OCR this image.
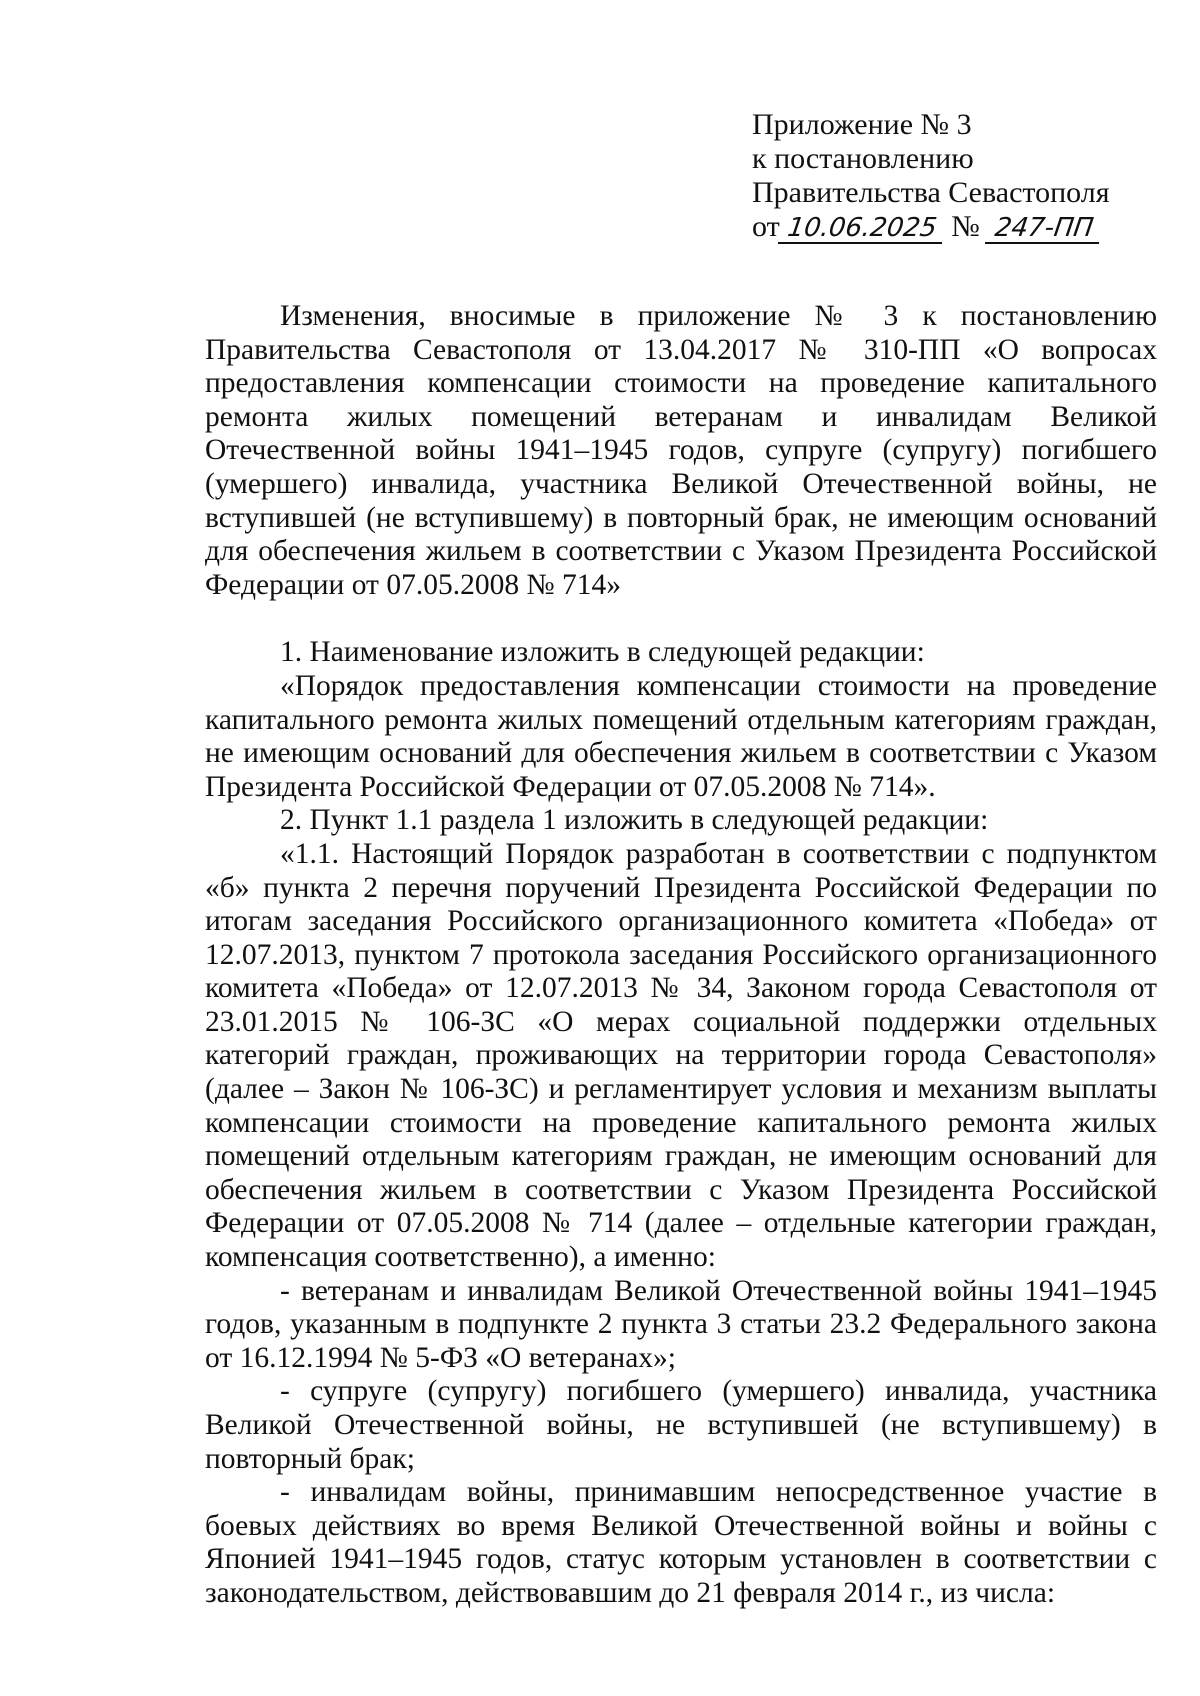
Приложение № 3
к постановлению
Правительства Севастополя
от 10.06.2025 № 247-ПП

Изменения, вносимые в приложение № 3 к постановлению Правительства Севастополя от 13.04.2017 № 310-ПП «О вопросах предоставления компенсации стоимости на проведение капитального ремонта жилых помещений ветеранам и инвалидам Великой Отечественной войны 1941–1945 годов, супруге (супругу) погибшего (умершего) инвалида, участника Великой Отечественной войны, не вступившей (не вступившему) в повторный брак, не имеющим оснований для обеспечения жильем в соответствии с Указом Президента Российской Федерации от 07.05.2008 № 714»

1. Наименование изложить в следующей редакции:

«Порядок предоставления компенсации стоимости на проведение капитального ремонта жилых помещений отдельным категориям граждан, не имеющим оснований для обеспечения жильем в соответствии с Указом Президента Российской Федерации от 07.05.2008 № 714».

2. Пункт 1.1 раздела 1 изложить в следующей редакции:

«1.1. Настоящий Порядок разработан в соответствии с подпунктом «б» пункта 2 перечня поручений Президента Российской Федерации по итогам заседания Российского организационного комитета «Победа» от 12.07.2013, пунктом 7 протокола заседания Российского организационного комитета «Победа» от 12.07.2013 № 34, Законом города Севастополя от 23.01.2015 № 106-ЗС «О мерах социальной поддержки отдельных категорий граждан, проживающих на территории города Севастополя» (далее – Закон № 106-ЗС) и регламентирует условия и механизм выплаты компенсации стоимости на проведение капитального ремонта жилых помещений отдельным категориям граждан, не имеющим оснований для обеспечения жильем в соответствии с Указом Президента Российской Федерации от 07.05.2008 № 714 (далее – отдельные категории граждан, компенсация соответственно), а именно:

- ветеранам и инвалидам Великой Отечественной войны 1941–1945 годов, указанным в подпункте 2 пункта 3 статьи 23.2 Федерального закона от 16.12.1994 № 5-ФЗ «О ветеранах»;

- супруге (супругу) погибшего (умершего) инвалида, участника Великой Отечественной войны, не вступившей (не вступившему) в повторный брак;

- инвалидам войны, принимавшим непосредственное участие в боевых действиях во время Великой Отечественной войны и войны с Японией 1941–1945 годов, статус которым установлен в соответствии с законодательством, действовавшим до 21 февраля 2014 г., из числа:
